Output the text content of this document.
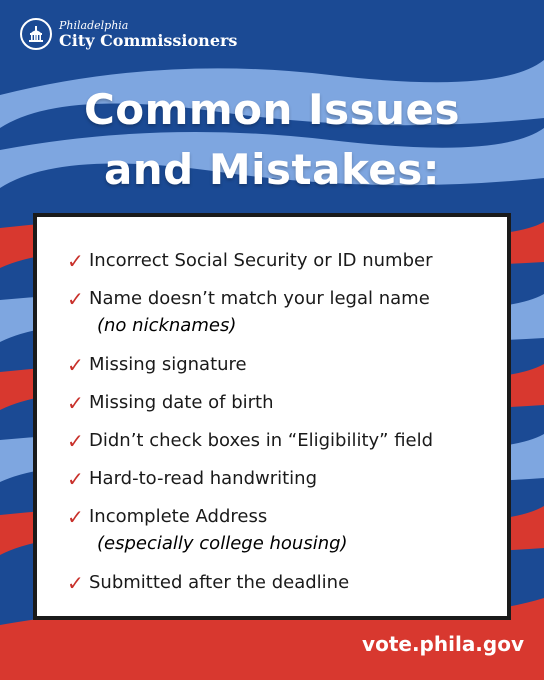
Philadelphia
City Commissioners
Common Issues
and Mistakes:
✓ Incorrect Social Security or ID number
✓ Name doesn’t match your legal name
(no nicknames)
✓ Missing signature
✓ Missing date of birth
✓ Didn’t check boxes in “Eligibility” field
✓ Hard-to-read handwriting
✓ Incomplete Address
(especially college housing)
✓ Submitted after the deadline
vote.phila.gov
